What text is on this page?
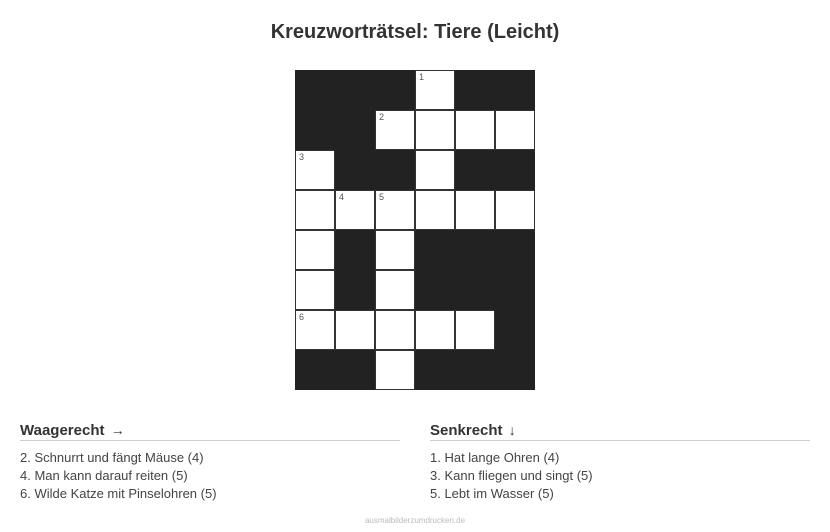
Kreuzworträtsel: Tiere (Leicht)
1
2
3
4	5
6
Waagerecht →
2. Schnurrt und fängt Mäuse (4)
4. Man kann darauf reiten (5)
6. Wilde Katze mit Pinselohren (5)
Senkrecht ↓
1. Hat lange Ohren (4)
3. Kann fliegen und singt (5)
5. Lebt im Wasser (5)
ausmalbilderzumdrucken.de
